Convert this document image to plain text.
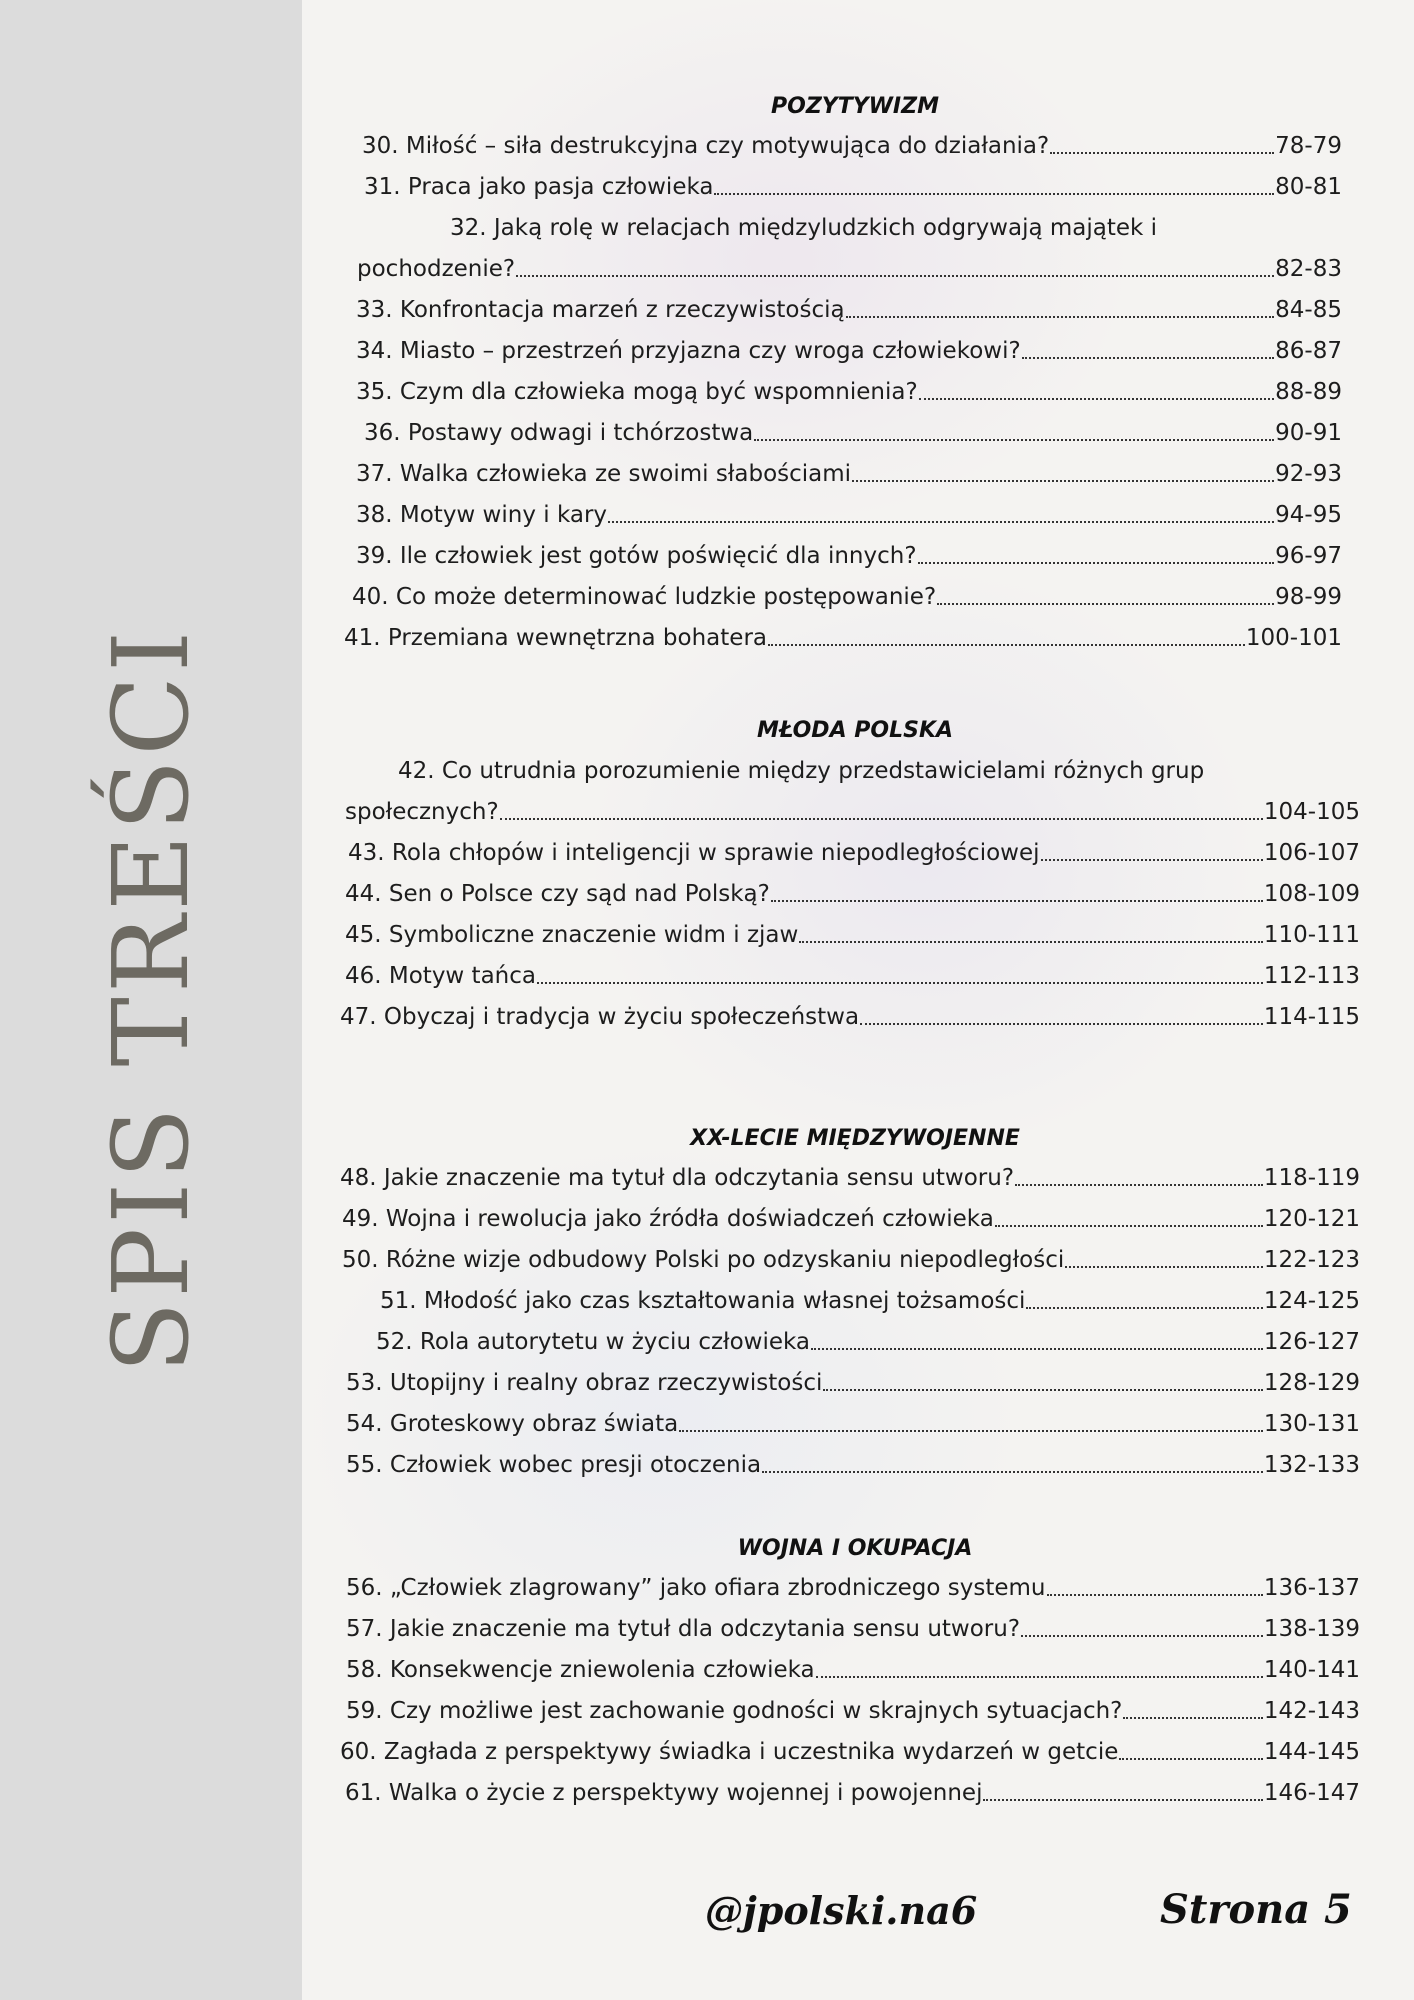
SPIS TREŚCI
POZYTYWIZM
30. Miłość – siła destrukcyjna czy motywująca do działania?	78-79
31. Praca jako pasja człowieka	80-81
32. Jaką rolę w relacjach międzyludzkich odgrywają majątek i
pochodzenie?	82-83
33. Konfrontacja marzeń z rzeczywistością	84-85
34. Miasto – przestrzeń przyjazna czy wroga człowiekowi?	86-87
35. Czym dla człowieka mogą być wspomnienia?	88-89
36. Postawy odwagi i tchórzostwa	90-91
37. Walka człowieka ze swoimi słabościami	92-93
38. Motyw winy i kary	94-95
39. Ile człowiek jest gotów poświęcić dla innych?	96-97
40. Co może determinować ludzkie postępowanie?	98-99
41. Przemiana wewnętrzna bohatera	100-101
MŁODA POLSKA
42. Co utrudnia porozumienie między przedstawicielami różnych grup
społecznych?	104-105
43. Rola chłopów i inteligencji w sprawie niepodległościowej	106-107
44. Sen o Polsce czy sąd nad Polską?	108-109
45. Symboliczne znaczenie widm i zjaw	110-111
46. Motyw tańca	112-113
47. Obyczaj i tradycja w życiu społeczeństwa	114-115
XX-LECIE MIĘDZYWOJENNE
48. Jakie znaczenie ma tytuł dla odczytania sensu utworu?	118-119
49. Wojna i rewolucja jako źródła doświadczeń człowieka	120-121
50. Różne wizje odbudowy Polski po odzyskaniu niepodległości	122-123
51. Młodość jako czas kształtowania własnej tożsamości	124-125
52. Rola autorytetu w życiu człowieka	126-127
53. Utopijny i realny obraz rzeczywistości	128-129
54. Groteskowy obraz świata	130-131
55. Człowiek wobec presji otoczenia	132-133
WOJNA I OKUPACJA
56. „Człowiek zlagrowany” jako ofiara zbrodniczego systemu	136-137
57. Jakie znaczenie ma tytuł dla odczytania sensu utworu?	138-139
58. Konsekwencje zniewolenia człowieka	140-141
59. Czy możliwe jest zachowanie godności w skrajnych sytuacjach?	142-143
60. Zagłada z perspektywy świadka i uczestnika wydarzeń w getcie	144-145
61. Walka o życie z perspektywy wojennej i powojennej	146-147
@jpolski.na6	Strona 5
